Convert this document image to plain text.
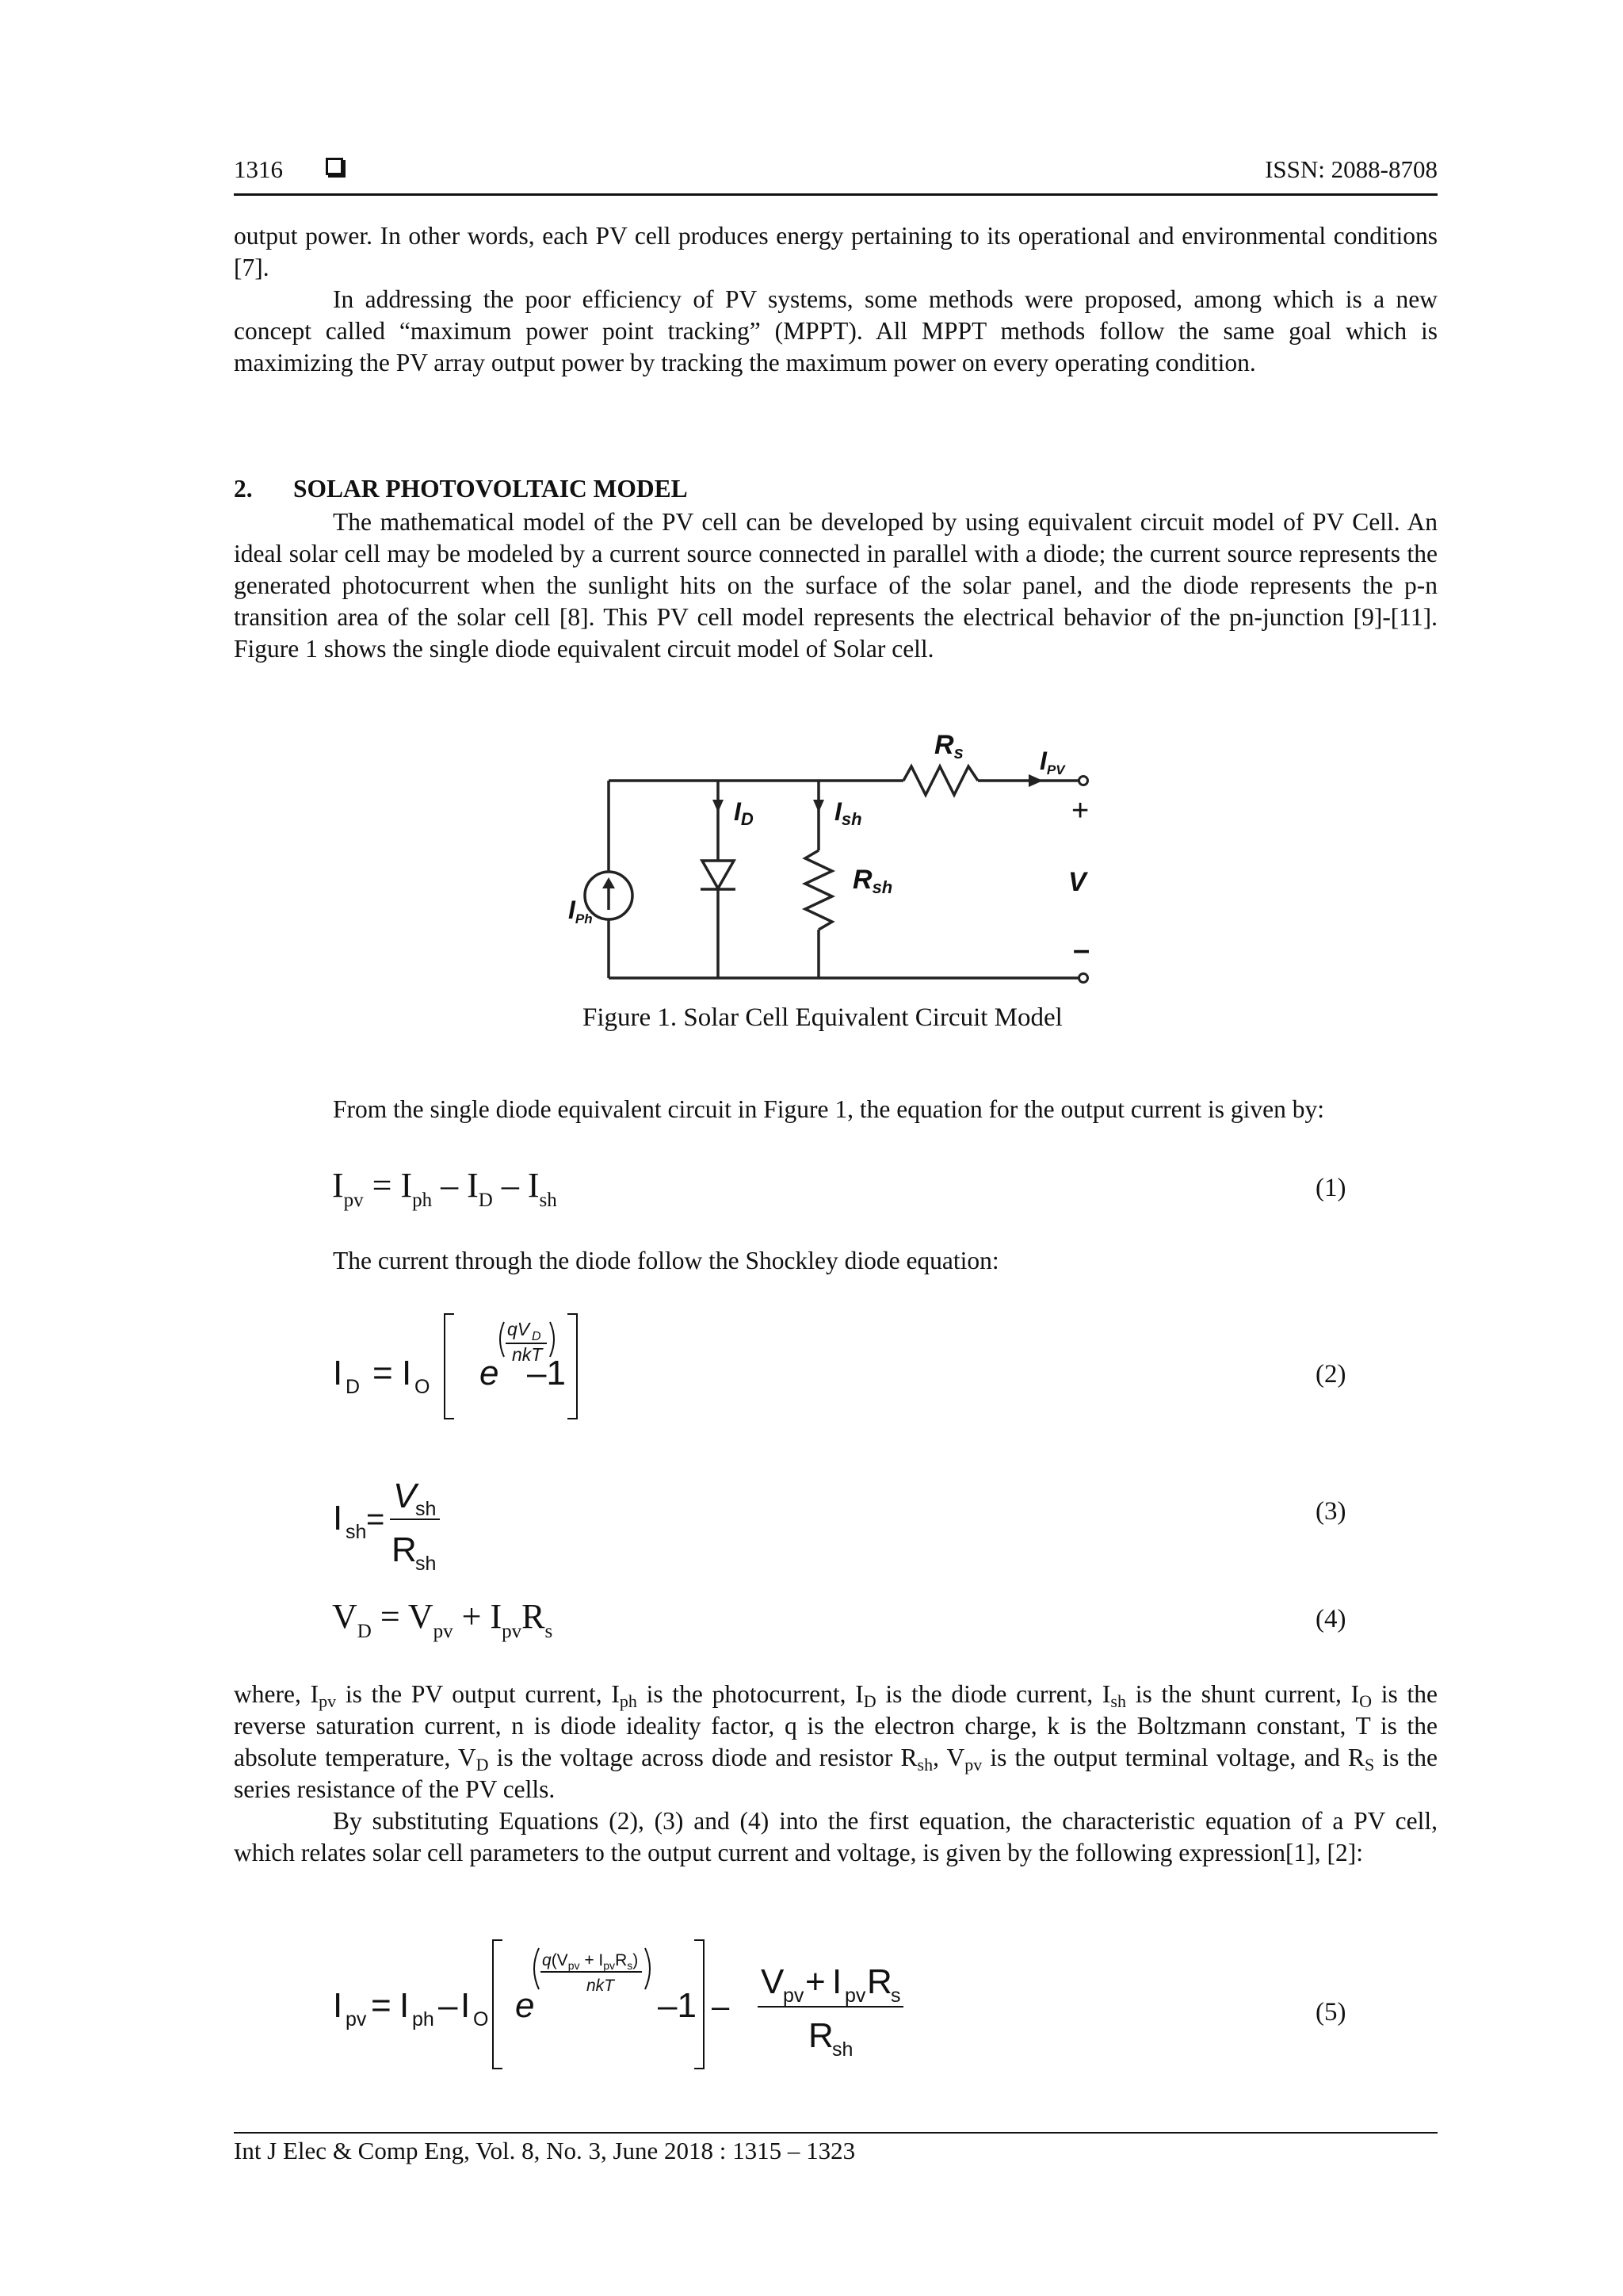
1316	ISSN: 2088-8708

output power. In other words, each PV cell produces energy pertaining to its operational and environmental conditions [7].

In addressing the poor efficiency of PV systems, some methods were proposed, among which is a new concept called “maximum power point tracking” (MPPT). All MPPT methods follow the same goal which is maximizing the PV array output power by tracking the maximum power on every operating condition.

2. SOLAR PHOTOVOLTAIC MODEL

The mathematical model of the PV cell can be developed by using equivalent circuit model of PV Cell. An ideal solar cell may be modeled by a current source connected in parallel with a diode; the current source represents the generated photocurrent when the sunlight hits on the surface of the solar panel, and the diode represents the p-n transition area of the solar cell [8]. This PV cell model represents the electrical behavior of the pn-junction [9]-[11]. Figure 1 shows the single diode equivalent circuit model of Solar cell.

Rs	IPV
ID	Ish
Rsh
IPh
V
+
–
Figure 1. Solar Cell Equivalent Circuit Model
From the single diode equivalent circuit in Figure 1, the equation for the output current is given by:
$I_{pv} = I_{ph} - I_D - I_{sh}$	(1)
The current through the diode follow the Shockley diode equation:
I D = I O e
qV D
nkT
–1	(2)
I sh =
V
sh
R
sh
(3)
$V_D = V_{pv} + I_{pv}R_s$	(4)

where, $I_{pv}$ is the PV output current, $I_{ph}$ is the photocurrent, $I_D$ is the diode current, $I_{sh}$ is the shunt current, $I_O$ is the reverse saturation current, n is diode ideality factor, q is the electron charge, k is the Boltzmann constant, T is the absolute temperature, $V_D$ is the voltage across diode and resistor $R_{sh}$, $V_{pv}$ is the output terminal voltage, and $R_S$ is the series resistance of the PV cells.

By substituting Equations (2), (3) and (4) into the first equation, the characteristic equation of a PV cell, which relates solar cell parameters to the output current and voltage, is given by the following expression[1], [2]:

I pv = I ph – I O e
$q(V_{pv} + I_{pv}R_s)$
nkT
–1 –
V
pv + I pv R
s
R
sh
(5)
Int J Elec & Comp Eng, Vol. 8, No. 3, June 2018 : 1315 – 1323
